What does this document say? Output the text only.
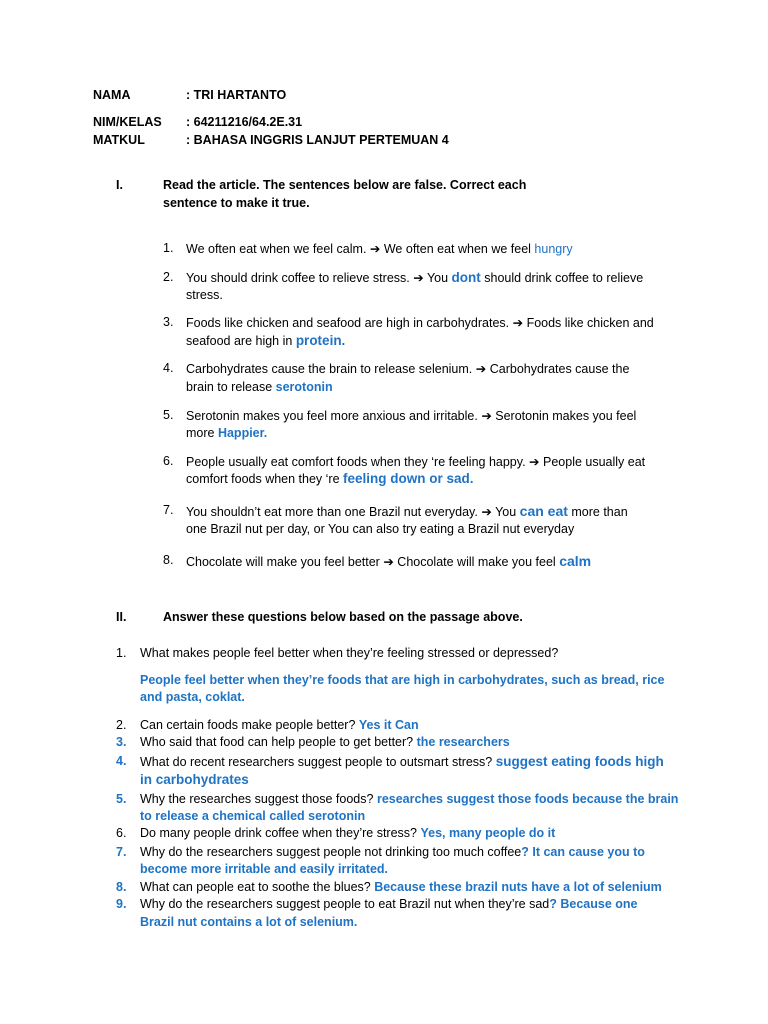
NAMA	: TRI HARTANTO
NIM/KELAS : 64211216/64.2E.31
MATKUL	: BAHASA INGGRIS LANJUT PERTEMUAN 4
I.	Read the article. The sentences below are false. Correct each
sentence to make it true.
1. We often eat when we feel calm. ➔ We often eat when we feel hungry
2. You should drink coffee to relieve stress. ➔ You dont should drink coffee to relieve
stress.
3. Foods like chicken and seafood are high in carbohydrates. ➔ Foods like chicken and
seafood are high in protein.
4. Carbohydrates cause the brain to release selenium. ➔ Carbohydrates cause the
brain to release serotonin
5. Serotonin makes you feel more anxious and irritable. ➔ Serotonin makes you feel
more Happier.
6. People usually eat comfort foods when they ‘re feeling happy. ➔ People usually eat
comfort foods when they ‘re feeling down or sad.
7. You shouldn’t eat more than one Brazil nut everyday. ➔ You can eat more than
one Brazil nut per day, or You can also try eating a Brazil nut everyday
8. Chocolate will make you feel better ➔ Chocolate will make you feel calm
II.	Answer these questions below based on the passage above.
1. What makes people feel better when they’re feeling stressed or depressed?
People feel better when they’re foods that are high in carbohydrates, such as bread, rice
and pasta, coklat.
2. Can certain foods make people better? Yes it Can
3. Who said that food can help people to get better? the researchers
4. What do recent researchers suggest people to outsmart stress? suggest eating foods high
in carbohydrates
5. Why the researches suggest those foods? researches suggest those foods because the brain
to release a chemical called serotonin
6. Do many people drink coffee when they’re stress? Yes, many people do it
7. Why do the researchers suggest people not drinking too much coffee? It can cause you to
become more irritable and easily irritated.
8. What can people eat to soothe the blues? Because these brazil nuts have a lot of selenium
9. Why do the researchers suggest people to eat Brazil nut when they’re sad? Because one
Brazil nut contains a lot of selenium.
